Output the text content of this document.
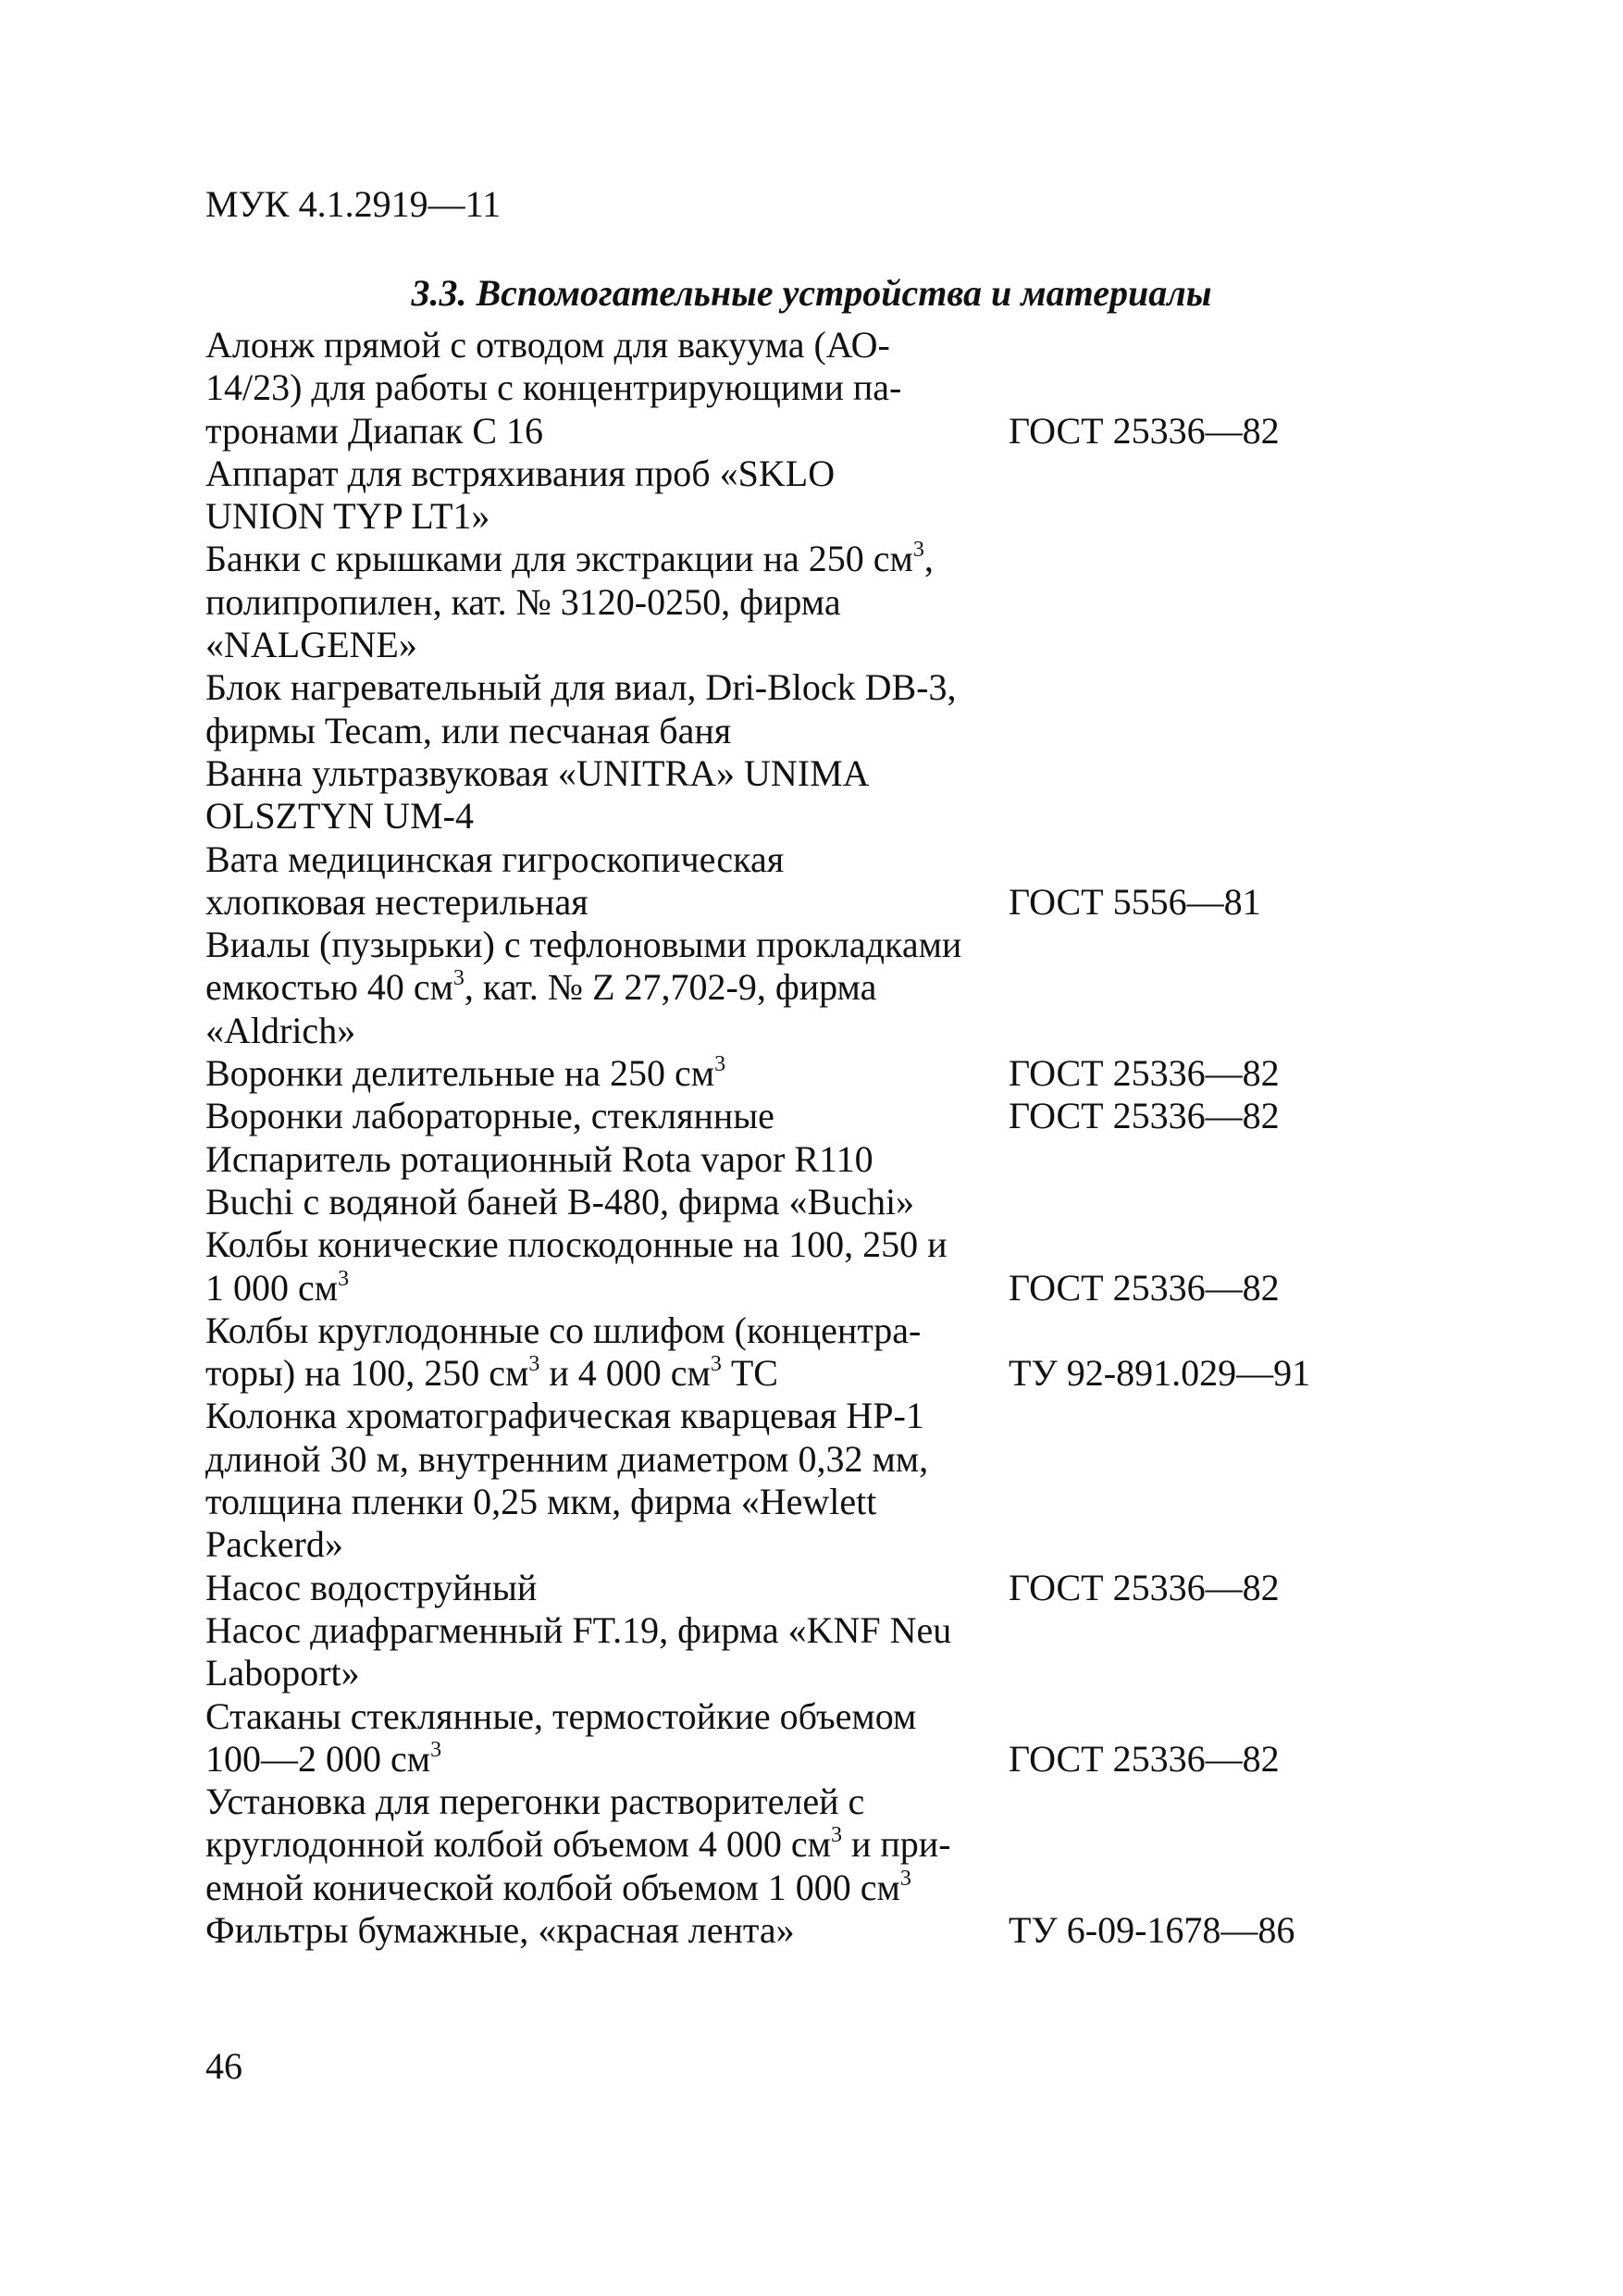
МУК 4.1.2919—11
3.3. Вспомогательные устройства и материалы
Алонж прямой с отводом для вакуума (АО-
14/23) для работы с концентрирующими па-
тронами Диапак С 16	ГОСТ 25336—82
Аппарат для встряхивания проб «SKLO
UNION TYP LT1»
Банки с крышками для экстракции на 250 $см^3$,
полипропилен, кат. № 3120-0250, фирма
«NALGENE»
Блок нагревательный для виал, Dri-Block DB-3,
фирмы Tecam, или песчаная баня
Ванна ультразвуковая «UNITRA» UNIMA
OLSZTYN UM-4
Вата медицинская гигроскопическая
хлопковая нестерильная	ГОСТ 5556—81
Виалы (пузырьки) с тефлоновыми прокладками
емкостью 40 $см^3$, кат. № Z 27,702-9, фирма
«Aldrich»
Воронки делительные на 250 $см^3$	ГОСТ 25336—82
Воронки лабораторные, стеклянные	ГОСТ 25336—82
Испаритель ротационный Rota vapor R110
Buchi с водяной баней B-480, фирма «Buchi»
Колбы конические плоскодонные на 100, 250 и
1 000 $см^3$	ГОСТ 25336—82
Колбы круглодонные со шлифом (концентра-
торы) на 100, 250 $см^3$ и 4 000 $см^3$ ТС	ТУ 92-891.029—91
Колонка хроматографическая кварцевая HP-1
длиной 30 м, внутренним диаметром 0,32 мм,
толщина пленки 0,25 мкм, фирма «Hewlett
Packerd»
Насос водоструйный	ГОСТ 25336—82
Насос диафрагменный FT.19, фирма «KNF Neu
Laboport»
Стаканы стеклянные, термостойкие объемом
100—2 000 $см^3$	ГОСТ 25336—82
Установка для перегонки растворителей с
круглодонной колбой объемом 4 000 $см^3$ и при-
емной конической колбой объемом 1 000 $см^3$
Фильтры бумажные, «красная лента»	ТУ 6-09-1678—86
46
